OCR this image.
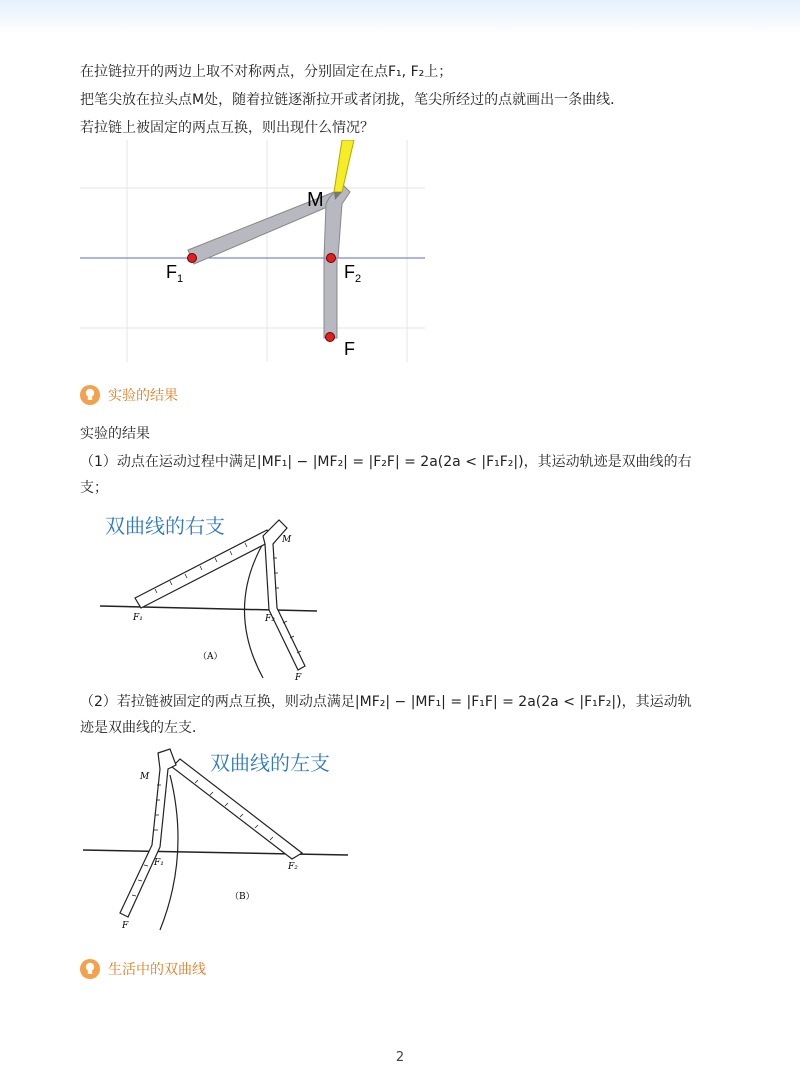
在拉链拉开的两边上取不对称两点，分别固定在点F₁, F₂上；
把笔尖放在拉头点M处，随着拉链逐渐拉开或者闭拢，笔尖所经过的点就画出一条曲线．
若拉链上被固定的两点互换，则出现什么情况？
M
$F_1$	$F_2$
F
实验的结果
实验的结果
（1）动点在运动过程中满足|MF₁| − |MF₂| = |F₂F| = 2a(2a < |F₁F₂|)，其运动轨迹是双曲线的右
支；
双曲线的右支
F₁	F₂
M
F
（A）
（2）若拉链被固定的两点互换，则动点满足|MF₂| − |MF₁| = |F₁F| = 2a(2a < |F₁F₂|)，其运动轨
迹是双曲线的左支．
双曲线的左支
M
F₁	F₂
F
（B）
生活中的双曲线
2
